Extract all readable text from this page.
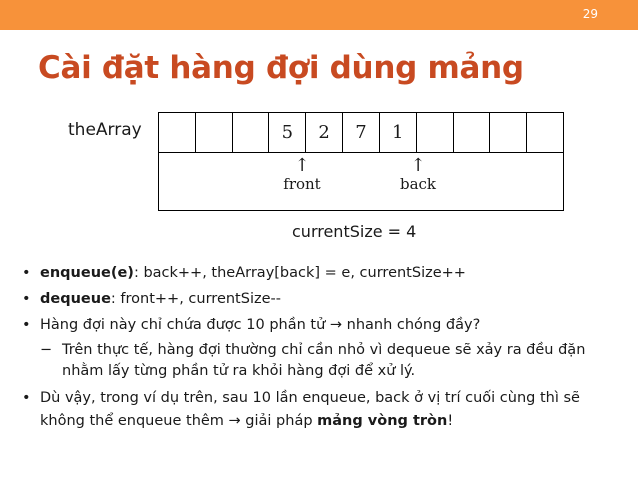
29
Cài đặt hàng đợi dùng mảng
theArray	5	2	7	1
↑
front
↑
back
currentSize = 4
• enqueue(e): back++, theArray[back] = e, currentSize++
• dequeue: front++, currentSize--
• Hàng đợi này chỉ chứa được 10 phần tử → nhanh chóng đầy?
− Trên thực tế, hàng đợi thường chỉ cần nhỏ vì dequeue sẽ xảy ra đều đặn nhằm lấy từng phần tử ra khỏi hàng đợi để xử lý.
• Dù vậy, trong ví dụ trên, sau 10 lần enqueue, back ở vị trí cuối cùng thì sẽ không thể enqueue thêm → giải pháp mảng vòng tròn!
